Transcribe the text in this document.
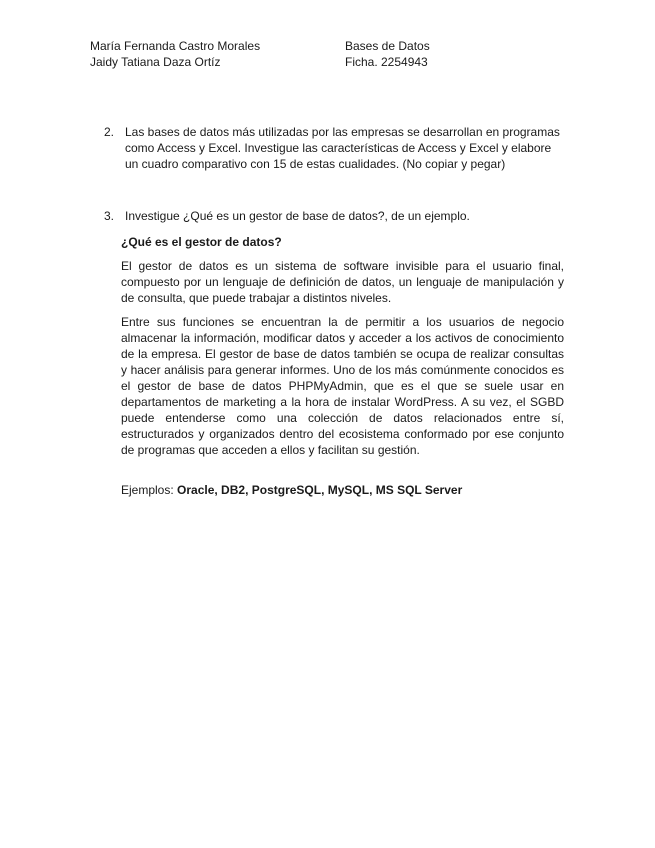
María Fernanda Castro Morales	Bases de Datos
Jaidy Tatiana Daza Ortíz	Ficha. 2254943
2. Las bases de datos más utilizadas por las empresas se desarrollan en programas como Access y Excel. Investigue las características de Access y Excel y elabore un cuadro comparativo con 15 de estas cualidades. (No copiar y pegar)
3. Investigue ¿Qué es un gestor de base de datos?, de un ejemplo.

¿Qué es el gestor de datos?

El gestor de datos es un sistema de software invisible para el usuario final, compuesto por un lenguaje de definición de datos, un lenguaje de manipulación y de consulta, que puede trabajar a distintos niveles.

Entre sus funciones se encuentran la de permitir a los usuarios de negocio almacenar la información, modificar datos y acceder a los activos de conocimiento de la empresa. El gestor de base de datos también se ocupa de realizar consultas y hacer análisis para generar informes. Uno de los más comúnmente conocidos es el gestor de base de datos PHPMyAdmin, que es el que se suele usar en departamentos de marketing a la hora de instalar WordPress. A su vez, el SGBD puede entenderse como una colección de datos relacionados entre sí, estructurados y organizados dentro del ecosistema conformado por ese conjunto de programas que acceden a ellos y facilitan su gestión.

Ejemplos: Oracle, DB2, PostgreSQL, MySQL, MS SQL Server
